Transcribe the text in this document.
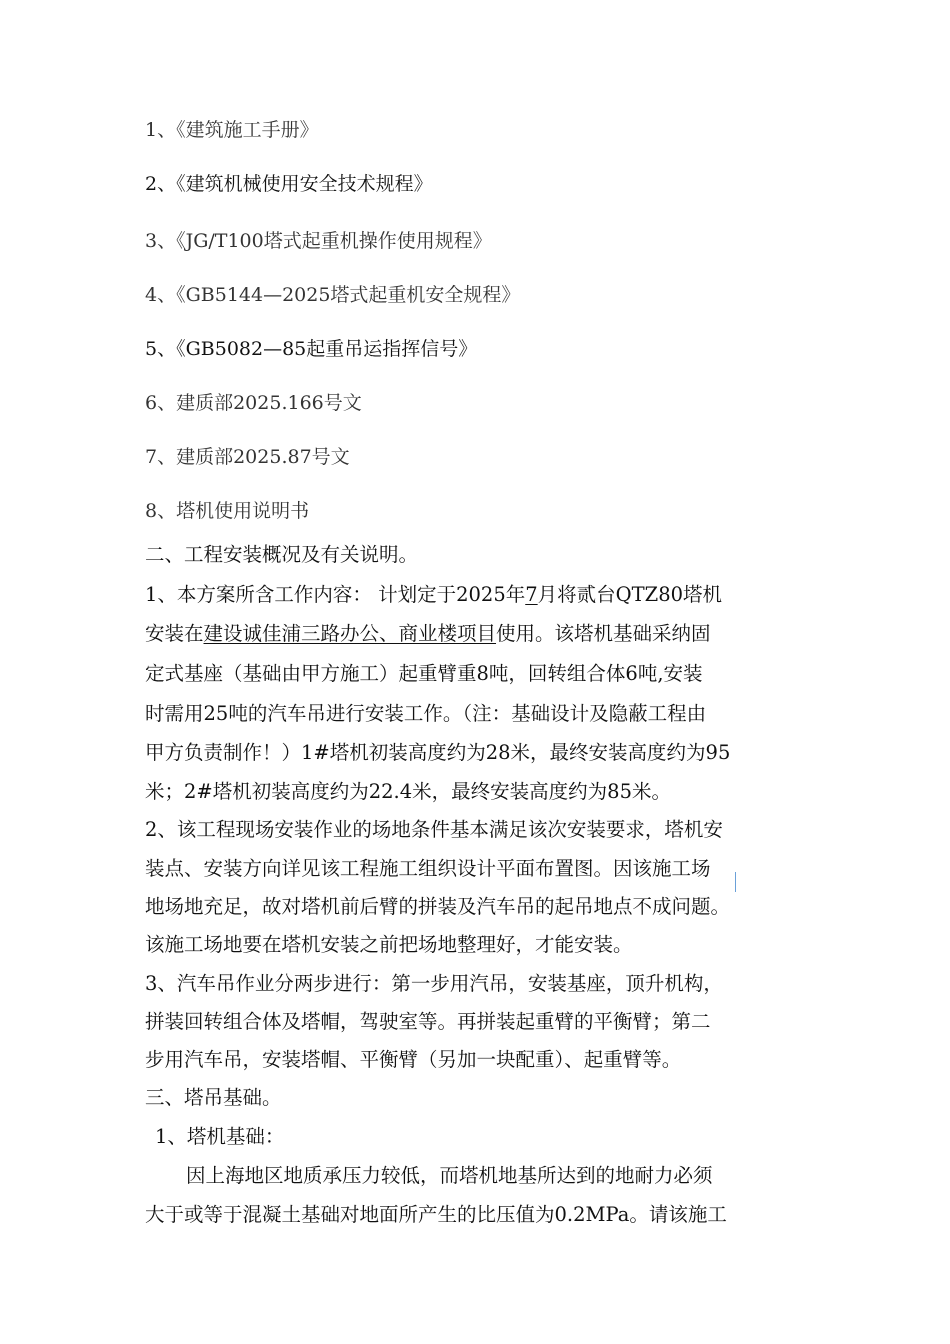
1、《建筑施工手册》
2、《建筑机械使用安全技术规程》
3、《JG/T100塔式起重机操作使用规程》
4、《GB5144—2025塔式起重机安全规程》
5、《GB5082—85起重吊运指挥信号》
6、建质部2025.166号文
7、建质部2025.87号文
8、塔机使用说明书
二、工程安装概况及有关说明。
1、本方案所含工作内容： 计划定于2025年7月将贰台QTZ80塔机
安装在建设诚佳浦三路办公、商业楼项目使用。该塔机基础采纳固
定式基座（基础由甲方施工）起重臂重8吨，回转组合体6吨,安装
时需用25吨的汽车吊进行安装工作。（注：基础设计及隐蔽工程由
甲方负责制作！）1#塔机初装高度约为28米，最终安装高度约为95
米；2#塔机初装高度约为22.4米，最终安装高度约为85米。
2、该工程现场安装作业的场地条件基本满足该次安装要求，塔机安
装点、安装方向详见该工程施工组织设计平面布置图。因该施工场
地场地充足，故对塔机前后臂的拼装及汽车吊的起吊地点不成问题。
该施工场地要在塔机安装之前把场地整理好，才能安装。
3、汽车吊作业分两步进行：第一步用汽吊，安装基座，顶升机构，
拼装回转组合体及塔帽，驾驶室等。再拼装起重臂的平衡臂；第二
步用汽车吊，安装塔帽、平衡臂（另加一块配重）、起重臂等。
三、塔吊基础。
1、塔机基础：
因上海地区地质承压力较低，而塔机地基所达到的地耐力必须
大于或等于混凝土基础对地面所产生的比压值为0.2MPa。请该施工
